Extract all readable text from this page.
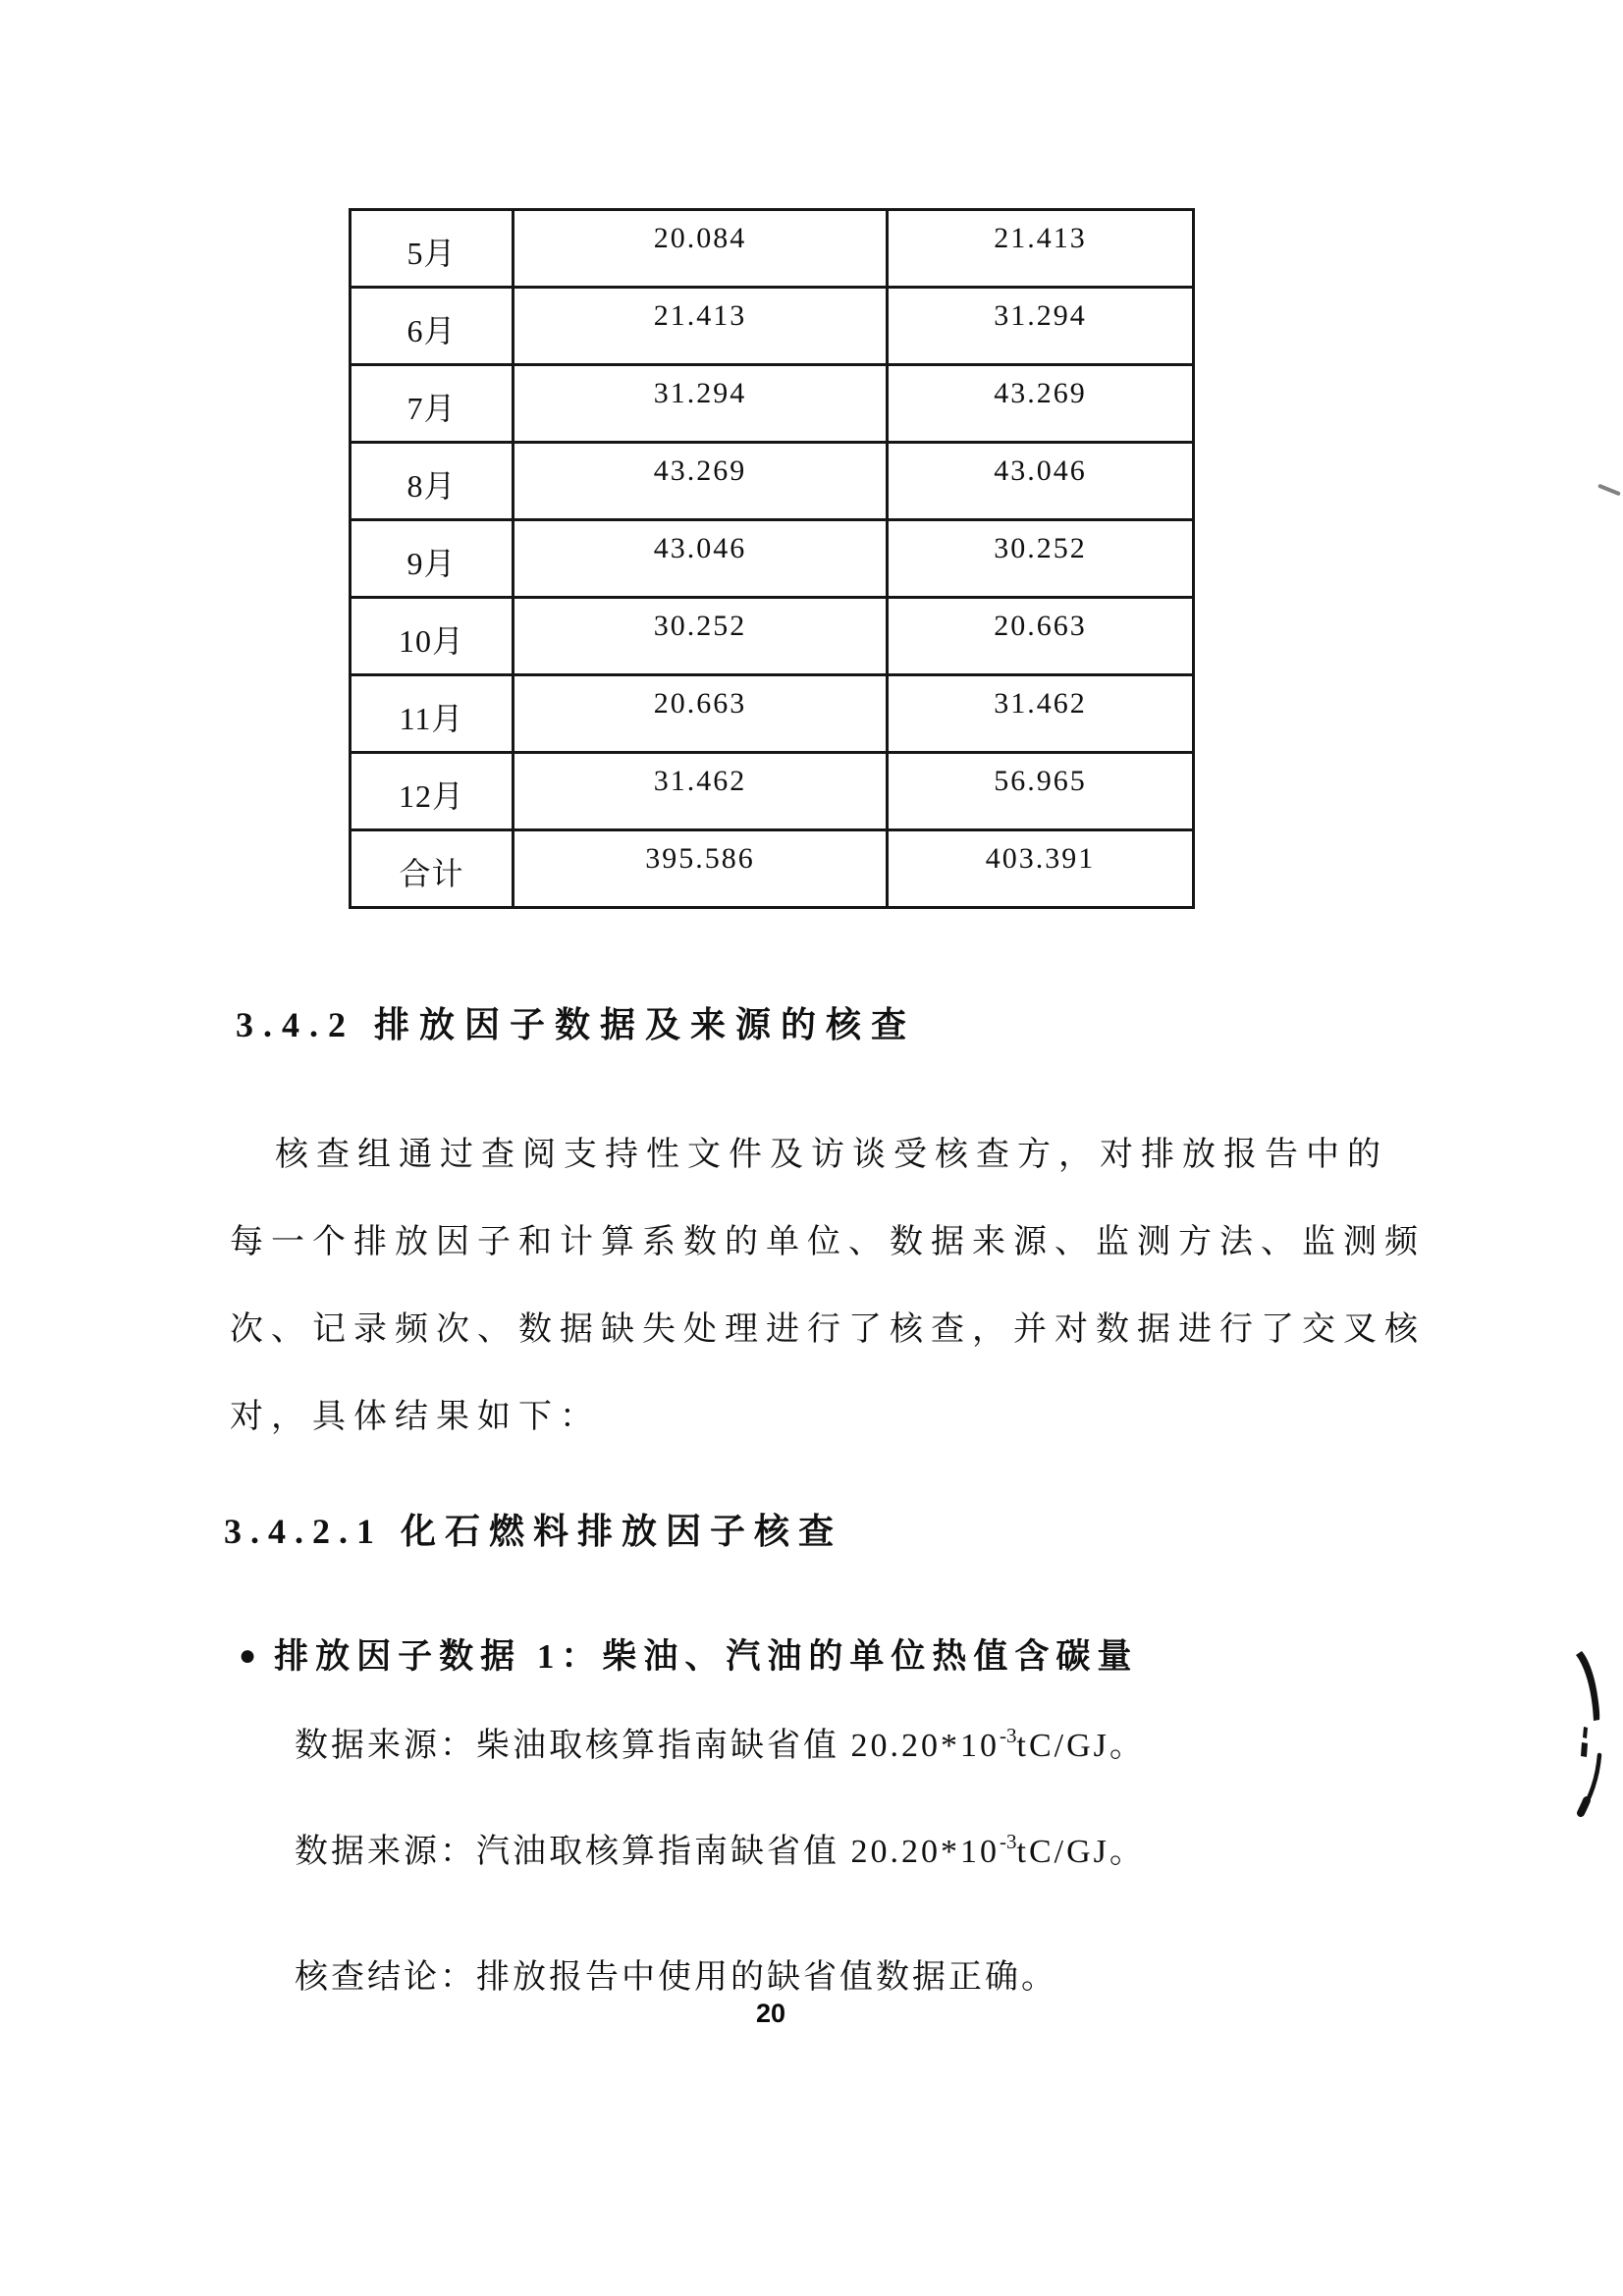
5月	20.084	21.413
6月	21.413	31.294
7月	31.294	43.269
8月	43.269	43.046
9月	43.046	30.252
10月	30.252	20.663
11月	20.663	31.462
12月	31.462	56.965
合计	395.586	403.391
3.4.2 排放因子数据及来源的核查
核查组通过查阅支持性文件及访谈受核查方，对排放报告中的
每一个排放因子和计算系数的单位、数据来源、监测方法、监测频
次、记录频次、数据缺失处理进行了核查，并对数据进行了交叉核
对，具体结果如下：
3.4.2.1 化石燃料排放因子核查
● 排放因子数据 1：柴油、汽油的单位热值含碳量
数据来源：柴油取核算指南缺省值 $20.20*10^{-3}tC/GJ$。
数据来源：汽油取核算指南缺省值 $20.20*10^{-3}tC/GJ$。
核查结论：排放报告中使用的缺省值数据正确。
20
